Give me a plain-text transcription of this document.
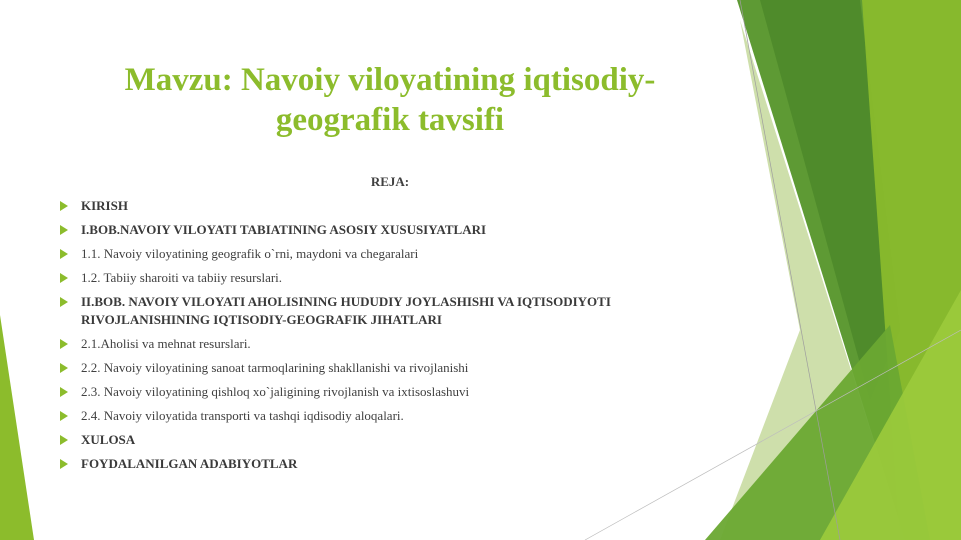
Mavzu: Navoiy viloyatining iqtisodiy-geografik tavsifi
REJA:
KIRISH
I.BOB.NAVOIY VILOYATI TABIATINING ASOSIY XUSUSIYATLARI
1.1. Navoiy viloyatining geografik o`rni, maydoni va chegaralari
1.2. Tabiiy sharoiti va tabiiy resurslari.
II.BOB. NAVOIY VILOYATI AHOLISINING HUDUDIY JOYLASHISHI VA IQTISODIYOTI RIVOJLANISHINING IQTISODIY-GEOGRAFIK JIHATLARI
2.1.Aholisi va mehnat resurslari.
2.2. Navoiy viloyatining sanoat tarmoqlarining shakllanishi va rivojlanishi
2.3. Navoiy viloyatining qishloq xo`jaligining rivojlanish va ixtisoslashuvi
2.4. Navoiy viloyatida transporti va tashqi iqdisodiy aloqalari.
XULOSA
FOYDALANILGAN ADABIYOTLAR
